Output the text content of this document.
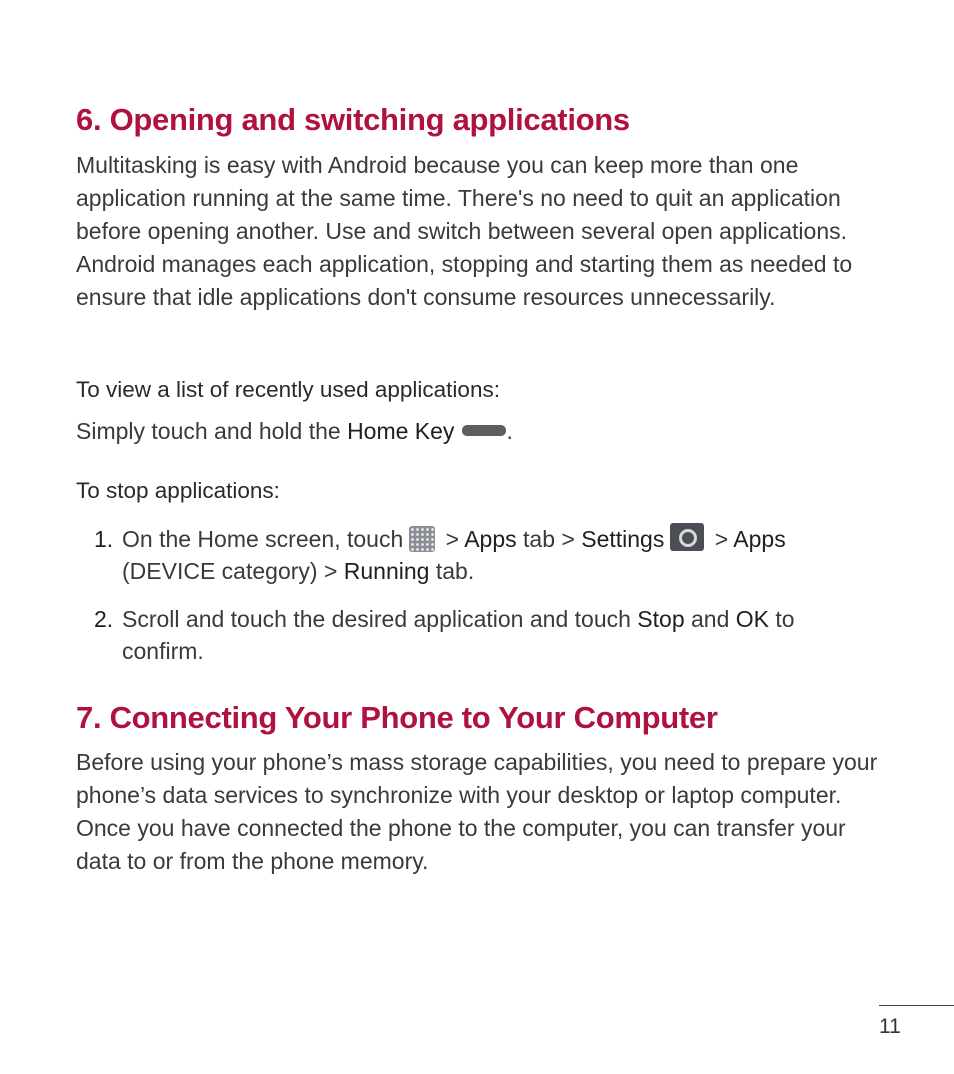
6. Opening and switching applications

Multitasking is easy with Android because you can keep more than one application running at the same time. There's no need to quit an application before opening another. Use and switch between several open applications. Android manages each application, stopping and starting them as needed to ensure that idle applications don't consume resources unnecessarily.

To view a list of recently used applications:
Simply touch and hold the Home Key .
To stop applications:
1. On the Home screen, touch > Apps tab > Settings > Apps (DEVICE category) > Running tab.
2. Scroll and touch the desired application and touch Stop and OK to confirm.
7. Connecting Your Phone to Your Computer

Before using your phone’s mass storage capabilities, you need to prepare your phone’s data services to synchronize with your desktop or laptop computer. Once you have connected the phone to the computer, you can transfer your data to or from the phone memory.

11
